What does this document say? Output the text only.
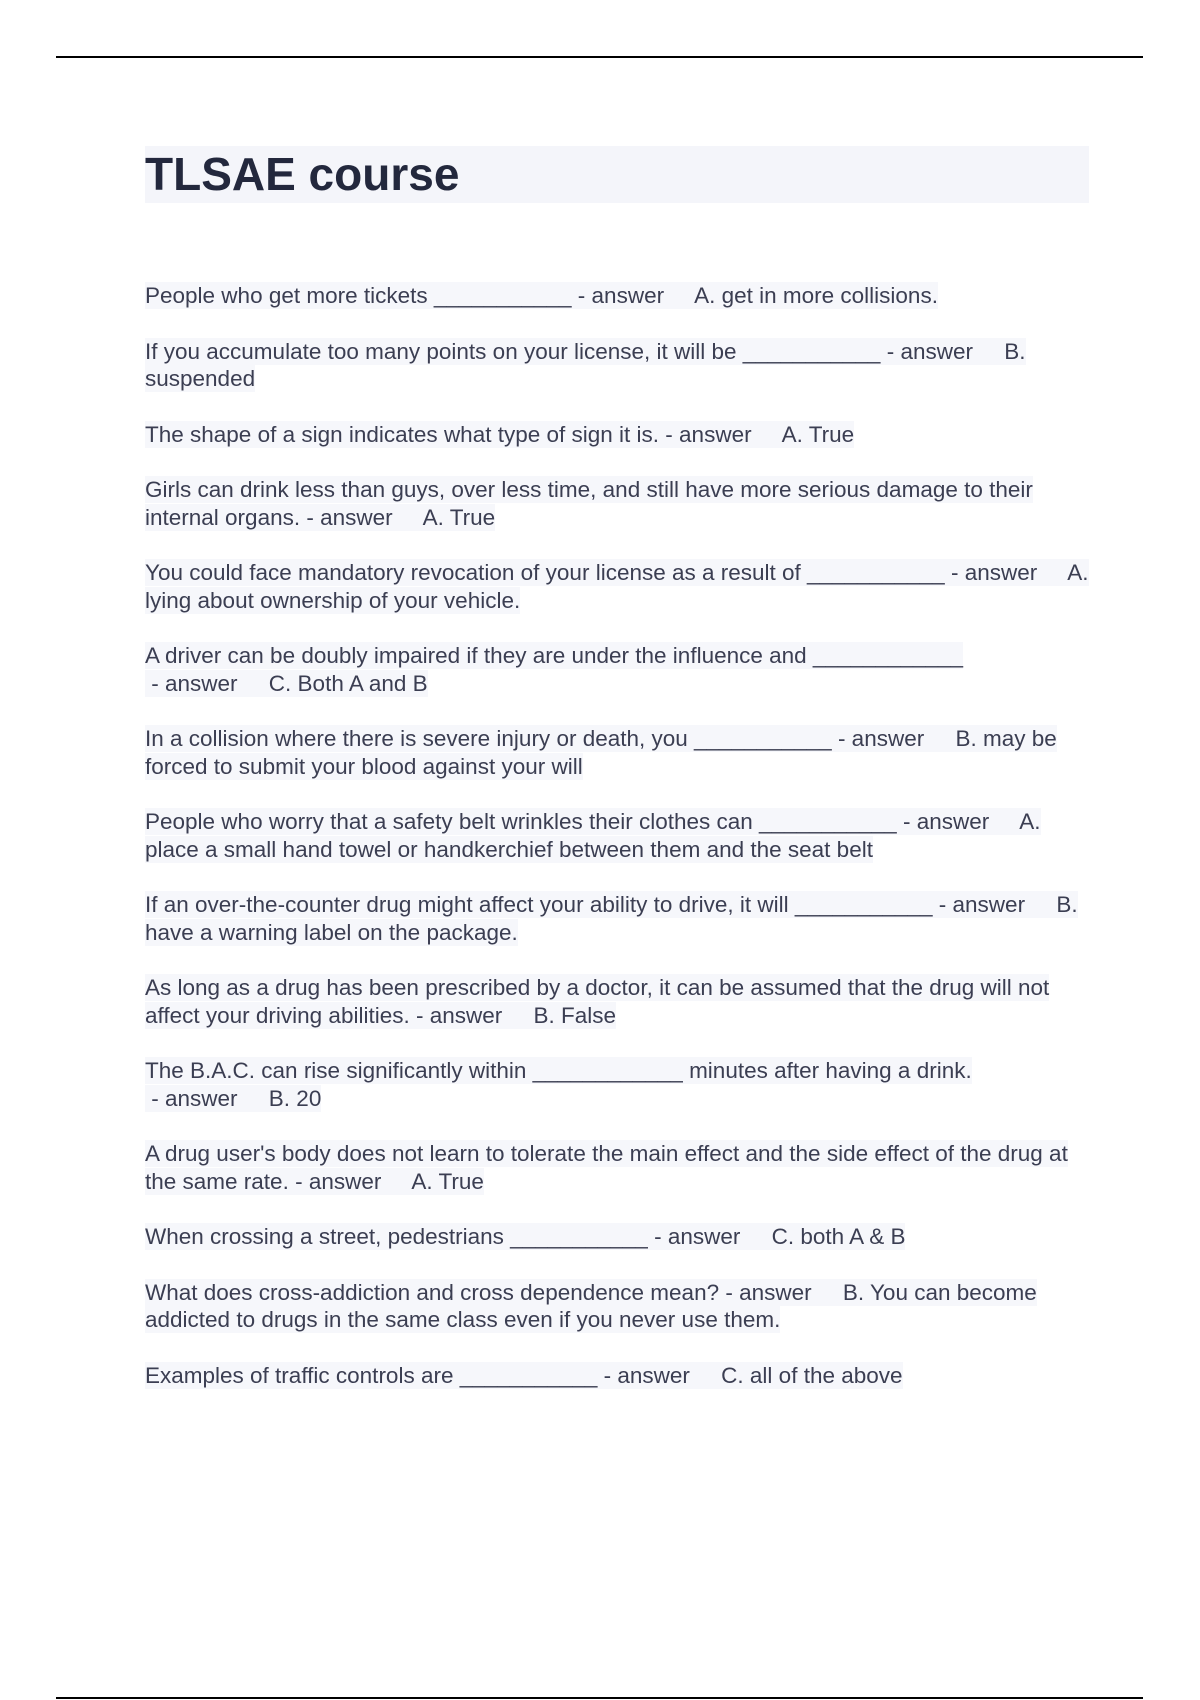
TLSAE course

People who get more tickets ___________ - answer     A. get in more collisions.

If you accumulate too many points on your license, it will be ___________ - answer     B. suspended

The shape of a sign indicates what type of sign it is. - answer     A. True

Girls can drink less than guys, over less time, and still have more serious damage to their internal organs. - answer     A. True

You could face mandatory revocation of your license as a result of ___________ - answer     A. lying about ownership of your vehicle.

A driver can be doubly impaired if they are under the influence and ____________ - answer     C. Both A and B

In a collision where there is severe injury or death, you ___________ - answer     B. may be forced to submit your blood against your will

People who worry that a safety belt wrinkles their clothes can ___________ - answer     A. place a small hand towel or handkerchief between them and the seat belt

If an over-the-counter drug might affect your ability to drive, it will ___________ - answer     B. have a warning label on the package.

As long as a drug has been prescribed by a doctor, it can be assumed that the drug will not affect your driving abilities. - answer     B. False

The B.A.C. can rise significantly within ____________ minutes after having a drink. - answer     B. 20

A drug user's body does not learn to tolerate the main effect and the side effect of the drug at the same rate. - answer     A. True

When crossing a street, pedestrians ___________ - answer     C. both A & B

What does cross-addiction and cross dependence mean? - answer     B. You can become addicted to drugs in the same class even if you never use them.

Examples of traffic controls are ___________ - answer     C. all of the above
